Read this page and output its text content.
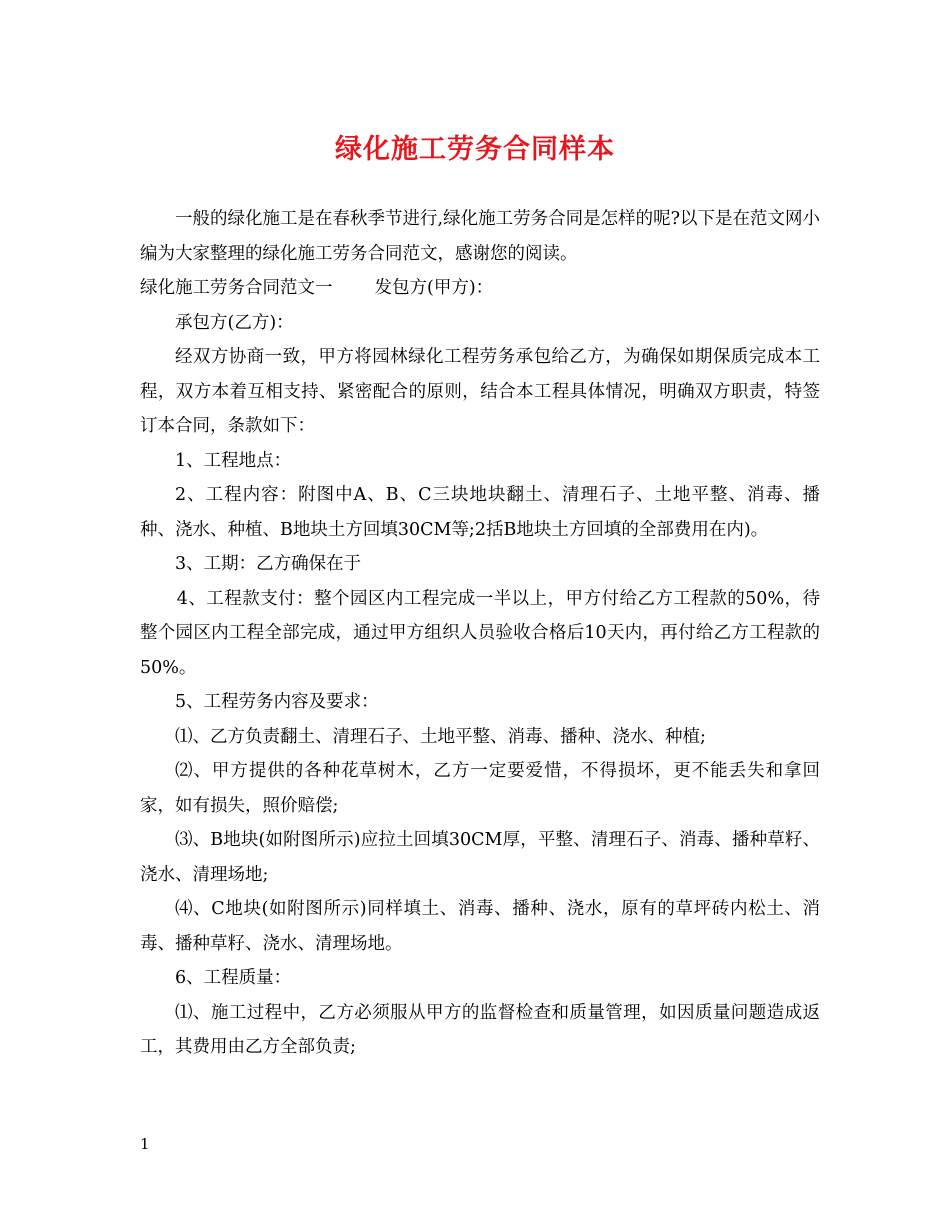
绿化施工劳务合同样本

一般的绿化施工是在春秋季节进行,绿化施工劳务合同是怎样的呢?以下是在范文网小编为大家整理的绿化施工劳务合同范文，感谢您的阅读。

绿化施工劳务合同范文一 发包方(甲方)：

承包方(乙方)：

经双方协商一致，甲方将园林绿化工程劳务承包给乙方，为确保如期保质完成本工程，双方本着互相支持、紧密配合的原则，结合本工程具体情况，明确双方职责，特签订本合同，条款如下：

1、工程地点：

2、工程内容：附图中A、B、C三块地块翻土、清理石子、土地平整、消毒、播种、浇水、种植、B地块土方回填30CM等;2括B地块土方回填的全部费用在内)。

3、工期：乙方确保在于

4、工程款支付：整个园区内工程完成一半以上，甲方付给乙方工程款的50%，待整个园区内工程全部完成，通过甲方组织人员验收合格后10天内，再付给乙方工程款的50%。

5、工程劳务内容及要求：

⑴、乙方负责翻土、清理石子、土地平整、消毒、播种、浇水、种植;

⑵、甲方提供的各种花草树木，乙方一定要爱惜，不得损坏，更不能丢失和拿回家，如有损失，照价赔偿;

⑶、B地块(如附图所示)应拉土回填30CM厚，平整、清理石子、消毒、播种草籽、浇水、清理场地;

⑷、C地块(如附图所示)同样填土、消毒、播种、浇水，原有的草坪砖内松土、消毒、播种草籽、浇水、清理场地。

6、工程质量：

⑴、施工过程中，乙方必须服从甲方的监督检查和质量管理，如因质量问题造成返工，其费用由乙方全部负责;

1
